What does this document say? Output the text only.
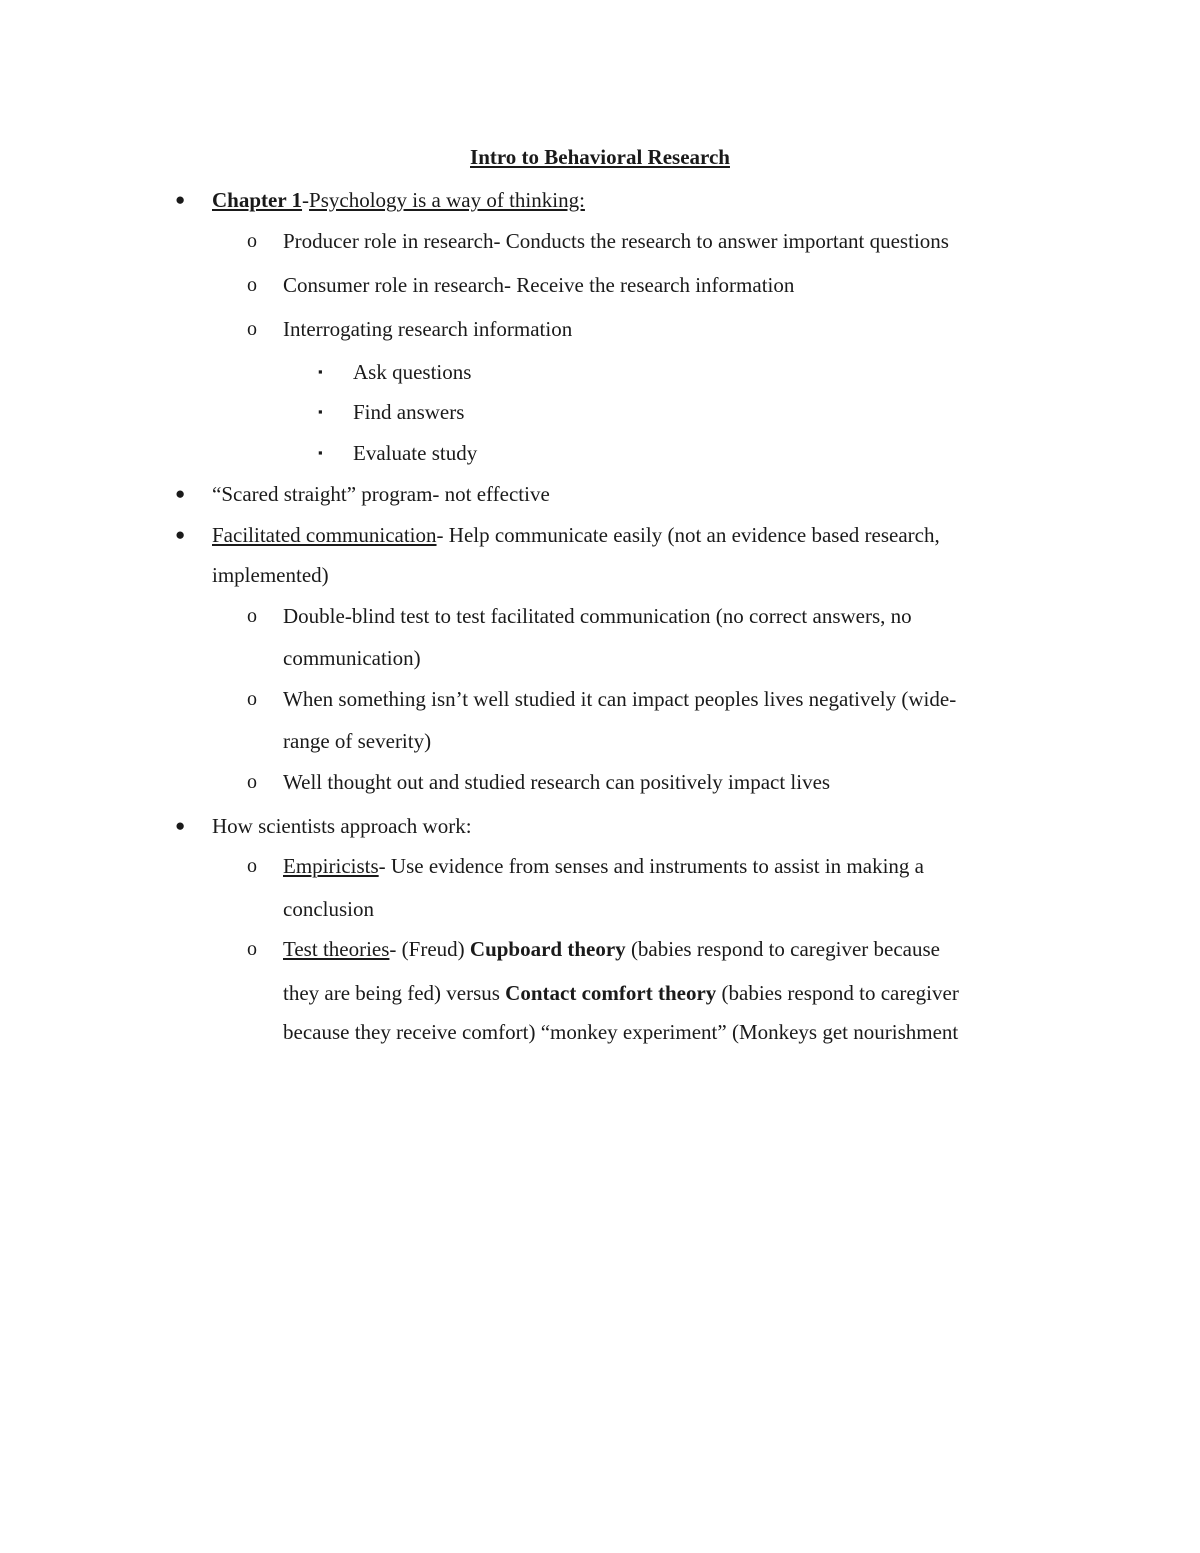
Intro to Behavioral Research
● Chapter 1-Psychology is a way of thinking:
o Producer role in research- Conducts the research to answer important questions
o Consumer role in research- Receive the research information
o Interrogating research information
▪ Ask questions
▪ Find answers
▪ Evaluate study
● “Scared straight” program- not effective
● Facilitated communication- Help communicate easily (not an evidence based research,
implemented)
o Double-blind test to test facilitated communication (no correct answers, no
communication)
o When something isn’t well studied it can impact peoples lives negatively (wide-
range of severity)
o Well thought out and studied research can positively impact lives
● How scientists approach work:
o Empiricists- Use evidence from senses and instruments to assist in making a
conclusion
o Test theories- (Freud) Cupboard theory (babies respond to caregiver because
they are being fed) versus Contact comfort theory (babies respond to caregiver
because they receive comfort) “monkey experiment” (Monkeys get nourishment
